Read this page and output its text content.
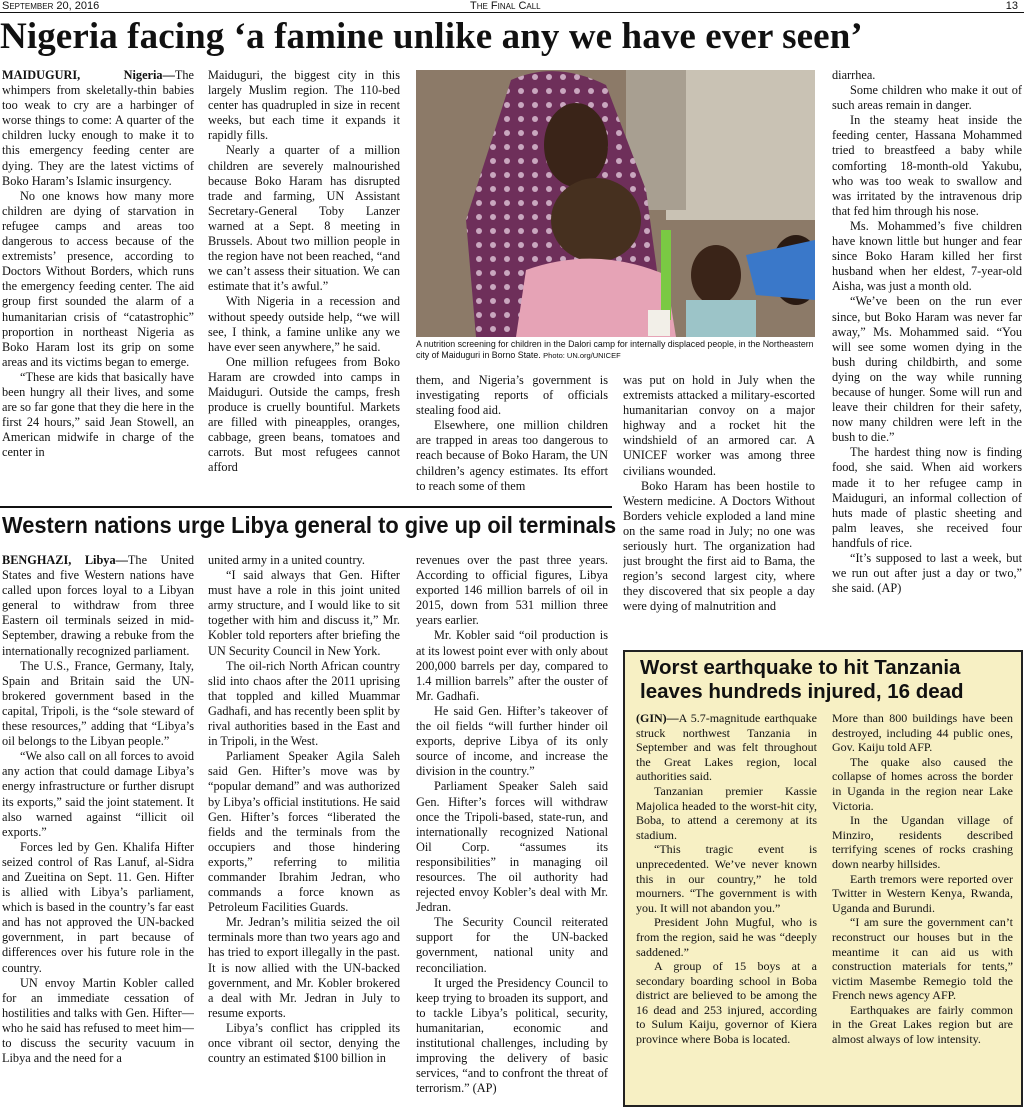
September 20, 2016	The Final Call	13
Nigeria facing ‘a famine unlike any we have ever seen’

MAIDUGURI, Nigeria—The whimpers from skeletally-thin babies too weak to cry are a harbinger of worse things to come: A quarter of the children lucky enough to make it to this emergency feeding center are dying. They are the latest victims of Boko Haram’s Islamic insurgency.

No one knows how many more children are dying of starvation in refugee camps and areas too dangerous to access because of the extremists’ presence, according to Doctors Without Borders, which runs the emergency feeding center. The aid group first sounded the alarm of a humanitarian crisis of “catastrophic” proportion in northeast Nigeria as Boko Haram lost its grip on some areas and its victims began to emerge.

“These are kids that basically have been hungry all their lives, and some are so far gone that they die here in the first 24 hours,” said Jean Stowell, an American midwife in charge of the center in

Maiduguri, the biggest city in this largely Muslim region. The 110-bed center has quadrupled in size in recent weeks, but each time it expands it rapidly fills.

Nearly a quarter of a million children are severely malnourished because Boko Haram has disrupted trade and farming, UN Assistant Secretary-General Toby Lanzer warned at a Sept. 8 meeting in Brussels. About two million people in the region have not been reached, “and we can’t assess their situation. We can estimate that it’s awful.”

With Nigeria in a recession and without speedy outside help, “we will see, I think, a famine unlike any we have ever seen anywhere,” he said.

One million refugees from Boko Haram are crowded into camps in Maiduguri. Outside the camps, fresh produce is cruelly bountiful. Markets are filled with pineapples, oranges, cabbage, green beans, tomatoes and carrots. But most refugees cannot afford

A nutrition screening for children in the Dalori camp for internally displaced people, in the Northeastern city of Maiduguri in Borno State. Photo: UN.org/UNICEF

them, and Nigeria’s government is investigating reports of officials stealing food aid.

Elsewhere, one million children are trapped in areas too dangerous to reach because of Boko Haram, the UN children’s agency estimates. Its effort to reach some of them

was put on hold in July when the extremists attacked a military-escorted humanitarian convoy on a major highway and a rocket hit the windshield of an armored car. A UNICEF worker was among three civilians wounded.

Boko Haram has been hostile to Western medicine. A Doctors Without Borders vehicle exploded a land mine on the same road in July; no one was seriously hurt. The organization had just brought the first aid to Bama, the region’s second largest city, where they discovered that six people a day were dying of malnutrition and

diarrhea.

Some children who make it out of such areas remain in danger.

In the steamy heat inside the feeding center, Hassana Mohammed tried to breastfeed a baby while comforting 18-month-old Yakubu, who was too weak to swallow and was irritated by the intravenous drip that fed him through his nose.

Ms. Mohammed’s five children have known little but hunger and fear since Boko Haram killed her first husband when her eldest, 7-year-old Aisha, was just a month old.

“We’ve been on the run ever since, but Boko Haram was never far away,” Ms. Mohammed said. “You will see some women dying in the bush during childbirth, and some dying on the way while running because of hunger. Some will run and leave their children for their safety, now many children were left in the bush to die.”

The hardest thing now is finding food, she said. When aid workers made it to her refugee camp in Maiduguri, an informal collection of huts made of plastic sheeting and palm leaves, she received four handfuls of rice.

“It’s supposed to last a week, but we run out after just a day or two,” she said. (AP)

Western nations urge Libya general to give up oil terminals

BENGHAZI, Libya—The United States and five Western nations have called upon forces loyal to a Libyan general to withdraw from three Eastern oil terminals seized in mid-September, drawing a rebuke from the internationally recognized parliament.

The U.S., France, Germany, Italy, Spain and Britain said the UN-brokered government based in the capital, Tripoli, is the “sole steward of these resources,” adding that “Libya’s oil belongs to the Libyan people.”

“We also call on all forces to avoid any action that could damage Libya’s energy infrastructure or further disrupt its exports,” said the joint statement. It also warned against “illicit oil exports.”

Forces led by Gen. Khalifa Hifter seized control of Ras Lanuf, al-Sidra and Zueitina on Sept. 11. Gen. Hifter is allied with Libya’s parliament, which is based in the country’s far east and has not approved the UN-backed government, in part because of differences over his future role in the country.

UN envoy Martin Kobler called for an immediate cessation of hostilities and talks with Gen. Hifter—who he said has refused to meet him—to discuss the security vacuum in Libya and the need for a

united army in a united country.

“I said always that Gen. Hifter must have a role in this joint united army structure, and I would like to sit together with him and discuss it,” Mr. Kobler told reporters after briefing the UN Security Council in New York.

The oil-rich North African country slid into chaos after the 2011 uprising that toppled and killed Muammar Gadhafi, and has recently been split by rival authorities based in the East and in Tripoli, in the West.

Parliament Speaker Agila Saleh said Gen. Hifter’s move was by “popular demand” and was authorized by Libya’s official institutions. He said Gen. Hifter’s forces “liberated the fields and the terminals from the occupiers and those hindering exports,” referring to militia commander Ibrahim Jedran, who commands a force known as Petroleum Facilities Guards.

Mr. Jedran’s militia seized the oil terminals more than two years ago and has tried to export illegally in the past. It is now allied with the UN-backed government, and Mr. Kobler brokered a deal with Mr. Jedran in July to resume exports.

Libya’s conflict has crippled its once vibrant oil sector, denying the country an estimated $100 billion in

revenues over the past three years. According to official figures, Libya exported 146 million barrels of oil in 2015, down from 531 million three years earlier.

Mr. Kobler said “oil production is at its lowest point ever with only about 200,000 barrels per day, compared to 1.4 million barrels” after the ouster of Mr. Gadhafi.

He said Gen. Hifter’s takeover of the oil fields “will further hinder oil exports, deprive Libya of its only source of income, and increase the division in the country.”

Parliament Speaker Saleh said Gen. Hifter’s forces will withdraw once the Tripoli-based, state-run, and internationally recognized National Oil Corp. “assumes its responsibilities” in managing oil resources. The oil authority had rejected envoy Kobler’s deal with Mr. Jedran.

The Security Council reiterated support for the UN-backed government, national unity and reconciliation.

It urged the Presidency Council to keep trying to broaden its support, and to tackle Libya’s political, security, humanitarian, economic and institutional challenges, including by improving the delivery of basic services, “and to confront the threat of terrorism.” (AP)

Worst earthquake to hit Tanzania leaves hundreds injured, 16 dead

(GIN)—A 5.7-magnitude earthquake struck northwest Tanzania in September and was felt throughout the Great Lakes region, local authorities said.

Tanzanian premier Kassie Majolica headed to the worst-hit city, Boba, to attend a ceremony at its stadium.

“This tragic event is unprecedented. We’ve never known this in our country,” he told mourners. “The government is with you. It will not abandon you.”

President John Mugful, who is from the region, said he was “deeply saddened.”

A group of 15 boys at a secondary boarding school in Boba district are believed to be among the 16 dead and 253 injured, according to Sulum Kaiju, governor of Kiera province where Boba is located.

More than 800 buildings have been destroyed, including 44 public ones, Gov. Kaiju told AFP.

The quake also caused the collapse of homes across the border in Uganda in the region near Lake Victoria.

In the Ugandan village of Minziro, residents described terrifying scenes of rocks crashing down nearby hillsides.

Earth tremors were reported over Twitter in Western Kenya, Rwanda, Uganda and Burundi.

“I am sure the government can’t reconstruct our houses but in the meantime it can aid us with construction materials for tents,” victim Masembe Remegio told the French news agency AFP.

Earthquakes are fairly common in the Great Lakes region but are almost always of low intensity.
